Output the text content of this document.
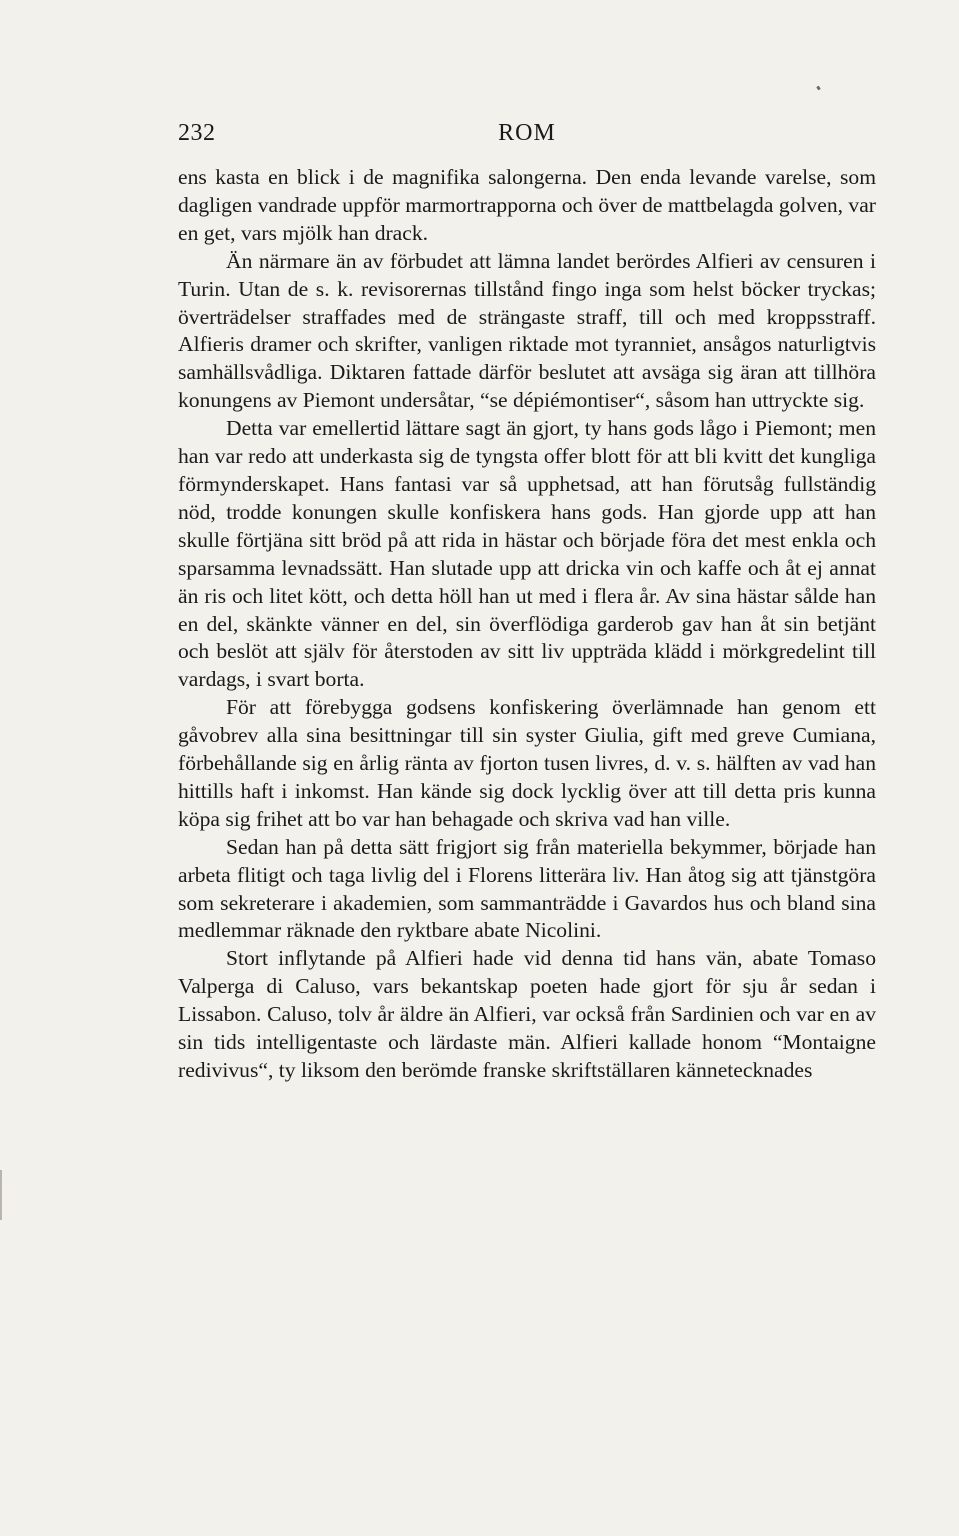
232	ROM

ens kasta en blick i de magnifika salongerna. Den enda levande varelse, som dagligen vandrade uppför marmortrapporna och över de mattbelagda golven, var en get, vars mjölk han drack.

Än närmare än av förbudet att lämna landet berördes Alfieri av censuren i Turin. Utan de s. k. revisorernas tillstånd fingo inga som helst böcker tryckas; överträdelser straffades med de strängaste straff, till och med kroppsstraff. Alfieris dramer och skrifter, vanligen riktade mot tyranniet, ansågos naturligtvis samhällsvådliga. Diktaren fattade därför beslutet att avsäga sig äran att tillhöra konungens av Piemont undersåtar, “se dépiémontiser“, såsom han uttryckte sig.

Detta var emellertid lättare sagt än gjort, ty hans gods lågo i Piemont; men han var redo att underkasta sig de tyngsta offer blott för att bli kvitt det kungliga förmynderskapet. Hans fantasi var så upphetsad, att han förutsåg fullständig nöd, trodde konungen skulle konfiskera hans gods. Han gjorde upp att han skulle förtjäna sitt bröd på att rida in hästar och började föra det mest enkla och sparsamma levnadssätt. Han slutade upp att dricka vin och kaffe och åt ej annat än ris och litet kött, och detta höll han ut med i flera år. Av sina hästar sålde han en del, skänkte vänner en del, sin överflödiga garderob gav han åt sin betjänt och beslöt att själv för återstoden av sitt liv uppträda klädd i mörkgredelint till vardags, i svart borta.

För att förebygga godsens konfiskering överlämnade han genom ett gåvobrev alla sina besittningar till sin syster Giulia, gift med greve Cumiana, förbehållande sig en årlig ränta av fjorton tusen livres, d. v. s. hälften av vad han hittills haft i inkomst. Han kände sig dock lycklig över att till detta pris kunna köpa sig frihet att bo var han behagade och skriva vad han ville.

Sedan han på detta sätt frigjort sig från materiella bekymmer, började han arbeta flitigt och taga livlig del i Florens litterära liv. Han åtog sig att tjänstgöra som sekreterare i akademien, som sammanträdde i Gavardos hus och bland sina medlemmar räknade den ryktbare abate Nicolini.

Stort inflytande på Alfieri hade vid denna tid hans vän, abate Tomaso Valperga di Caluso, vars bekantskap poeten hade gjort för sju år sedan i Lissabon. Caluso, tolv år äldre än Alfieri, var också från Sardinien och var en av sin tids intelligentaste och lärdaste män. Alfieri kallade honom “Montaigne redivivus“, ty liksom den berömde franske skriftställaren kännetecknades
